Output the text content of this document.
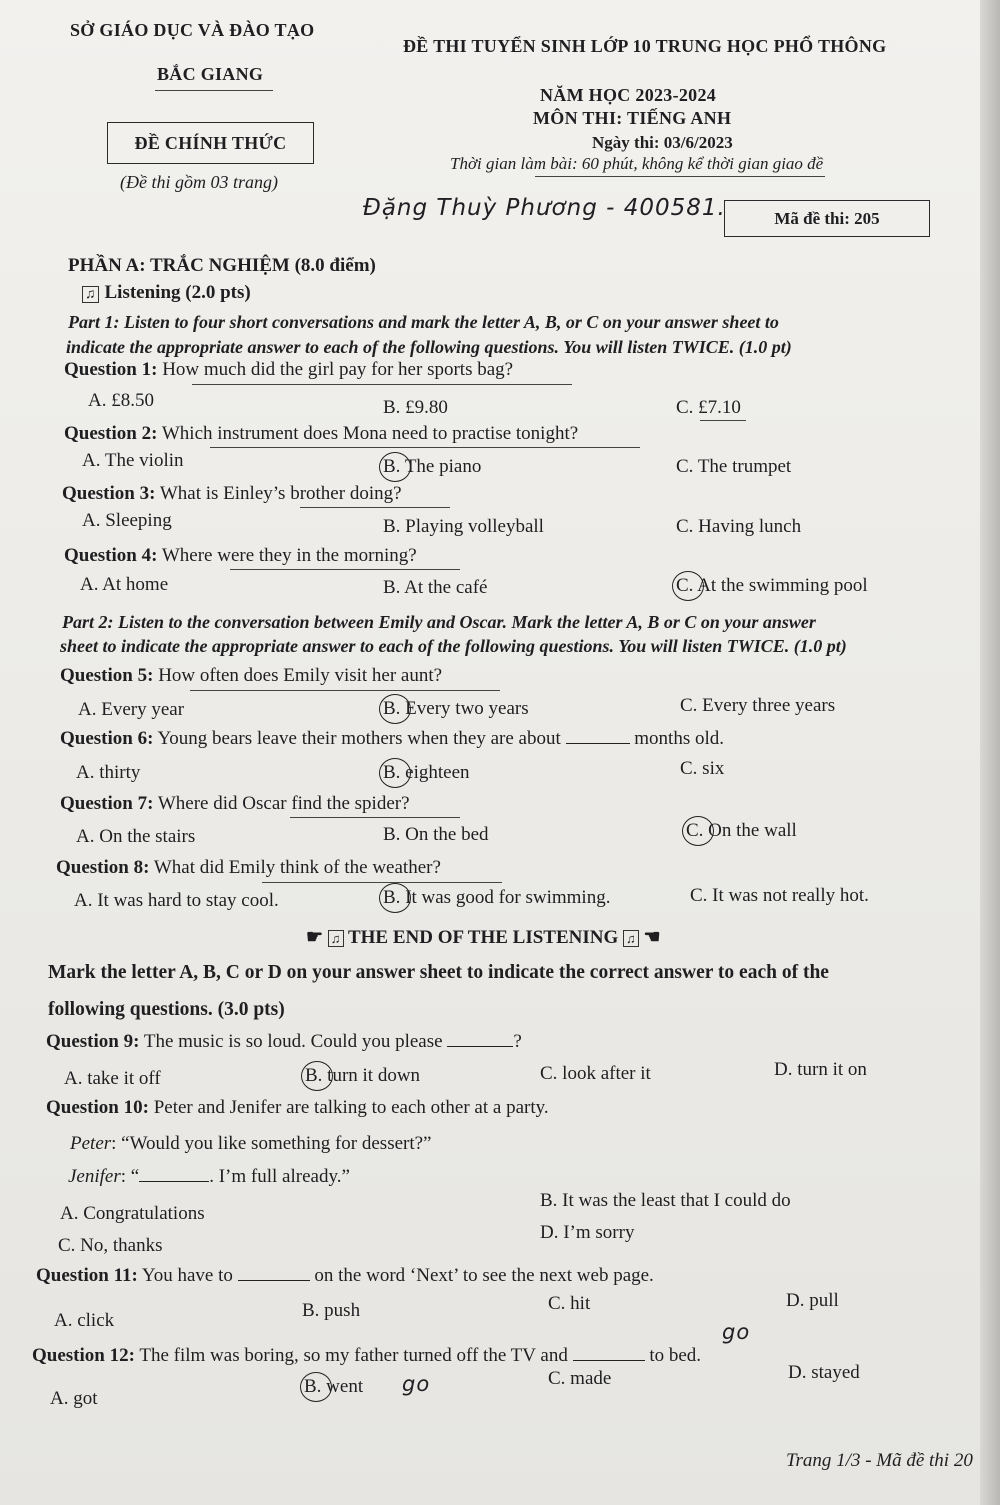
SỞ GIÁO DỤC VÀ ĐÀO TẠO
BẮC GIANG
ĐỀ CHÍNH THỨC
(Đề thi gồm 03 trang)
ĐỀ THI TUYỂN SINH LỚP 10 TRUNG HỌC PHỔ THÔNG
NĂM HỌC 2023-2024
MÔN THI: TIẾNG ANH
Ngày thi: 03/6/2023
Thời gian làm bài: 60 phút, không kể thời gian giao đề
Đặng Thuỳ Phương - 400581.	Mã đề thi: 205
PHẦN A: TRẮC NGHIỆM (8.0 điểm)
♫ Listening (2.0 pts)
Part 1: Listen to four short conversations and mark the letter A, B, or C on your answer sheet to
indicate the appropriate answer to each of the following questions. You will listen TWICE. (1.0 pt)
Question 1: How much did the girl pay for her sports bag?
A. £8.50	B. £9.80	C. £7.10
Question 2: Which instrument does Mona need to practise tonight?
A. The violin	B. The piano	C. The trumpet
Question 3: What is Einley’s brother doing?
A. Sleeping	B. Playing volleyball	C. Having lunch
Question 4: Where were they in the morning?
A. At home	B. At the café	C. At the swimming pool
Part 2: Listen to the conversation between Emily and Oscar. Mark the letter A, B or C on your answer
sheet to indicate the appropriate answer to each of the following questions. You will listen TWICE. (1.0 pt)
Question 5: How often does Emily visit her aunt?
A. Every year	B. Every two years	C. Every three years
Question 6: Young bears leave their mothers when they are about	months old.
A. thirty	B. eighteen	C. six
Question 7: Where did Oscar find the spider?
A. On the stairs	B. On the bed	C. On the wall
Question 8: What did Emily think of the weather?
A. It was hard to stay cool.	B. It was good for swimming.	C. It was not really hot.
☛ ♫ THE END OF THE LISTENING ♫ ☚
Mark the letter A, B, C or D on your answer sheet to indicate the correct answer to each of the
following questions. (3.0 pts)
Question 9: The music is so loud. Could you please	?
A. take it off	B. turn it down	C. look after it	D. turn it on
Question 10: Peter and Jenifer are talking to each other at a party.
Peter: “Would you like something for dessert?”
Jenifer: “	. I’m full already.”
A. Congratulations
B. It was the least that I could do
C. No, thanks
D. I’m sorry
Question 11: You have to	on the word ‘Next’ to see the next web page.
A. click	B. push	C. hit	D. pull
Question 12: The film was boring, so my father turned off the TV and	to bed.
go
A. got
B. went go	C. made	D. stayed
Trang 1/3 - Mã đề thi 20
